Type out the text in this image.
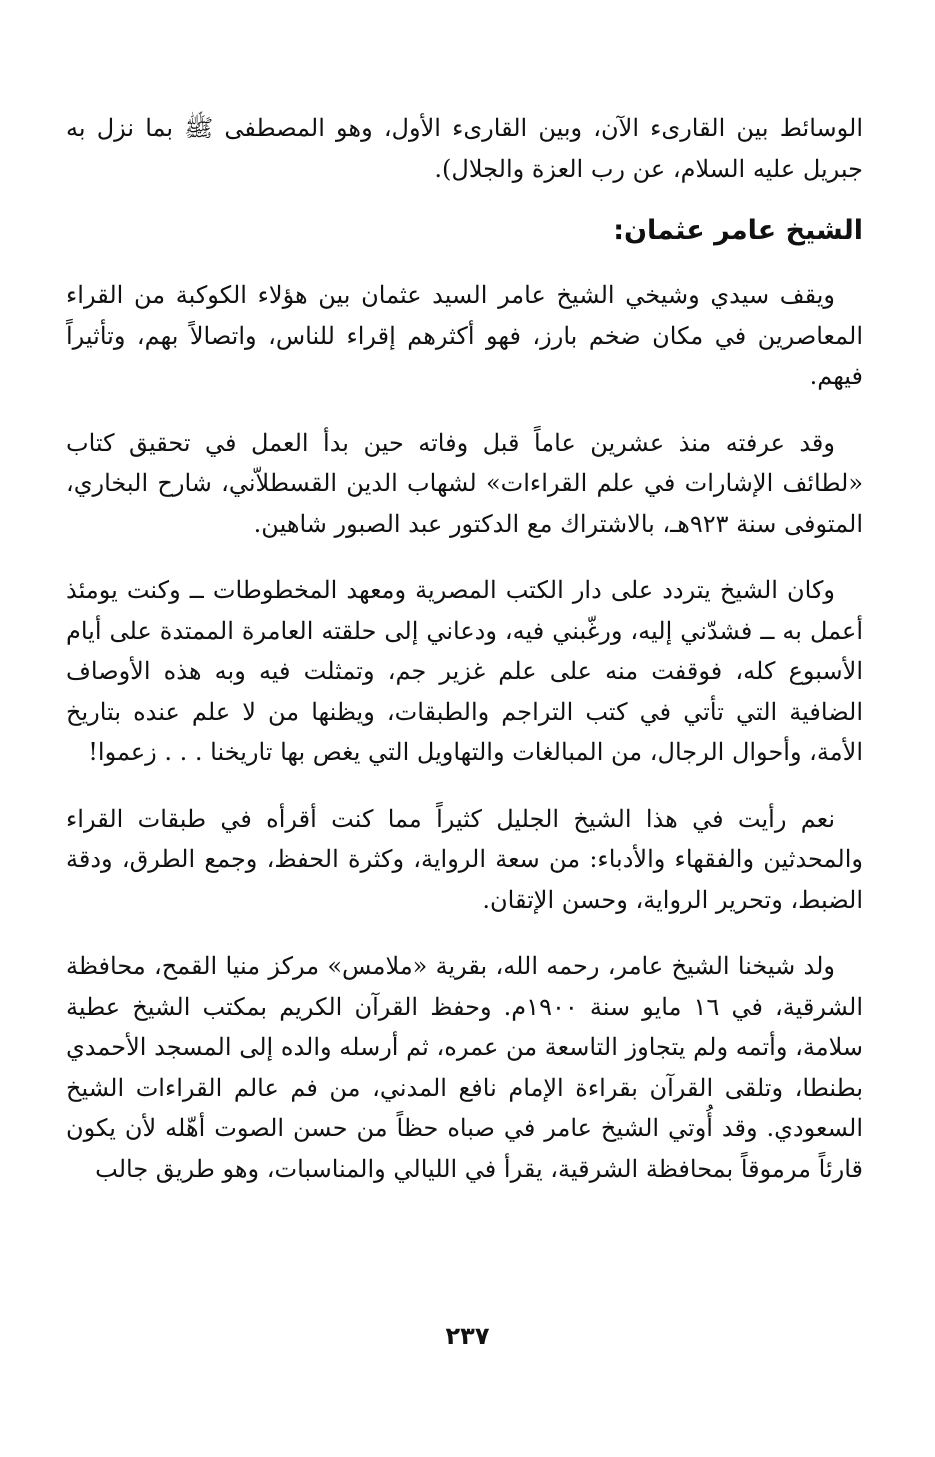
الوسائط بين القارىء الآن، وبين القارىء الأول، وهو المصطفى ﷺ بما نزل به جبريل عليه السلام، عن رب العزة والجلال).

الشيخ عامر عثمان:

ويقف سيدي وشيخي الشيخ عامر السيد عثمان بين هؤلاء الكوكبة من القراء المعاصرين في مكان ضخم بارز، فهو أكثرهم إقراء للناس، واتصالاً بهم، وتأثيراً فيهم.

وقد عرفته منذ عشرين عاماً قبل وفاته حين بدأ العمل في تحقيق كتاب «لطائف الإشارات في علم القراءات» لشهاب الدين القسطلاّني، شارح البخاري، المتوفى سنة ٩٢٣هـ، بالاشتراك مع الدكتور عبد الصبور شاهين.

وكان الشيخ يتردد على دار الكتب المصرية ومعهد المخطوطات ــ وكنت يومئذ أعمل به ــ فشدّني إليه، ورغّبني فيه، ودعاني إلى حلقته العامرة الممتدة على أيام الأسبوع كله، فوقفت منه على علم غزير جم، وتمثلت فيه وبه هذه الأوصاف الضافية التي تأتي في كتب التراجم والطبقات، ويظنها من لا علم عنده بتاريخ الأمة، وأحوال الرجال، من المبالغات والتهاويل التي يغص بها تاريخنا . . . زعموا!

نعم رأيت في هذا الشيخ الجليل كثيراً مما كنت أقرأه في طبقات القراء والمحدثين والفقهاء والأدباء: من سعة الرواية، وكثرة الحفظ، وجمع الطرق، ودقة الضبط، وتحرير الرواية، وحسن الإتقان.

ولد شيخنا الشيخ عامر، رحمه الله، بقرية «ملامس» مركز منيا القمح، محافظة الشرقية، في ١٦ مايو سنة ١٩٠٠م. وحفظ القرآن الكريم بمكتب الشيخ عطية سلامة، وأتمه ولم يتجاوز التاسعة من عمره، ثم أرسله والده إلى المسجد الأحمدي بطنطا، وتلقى القرآن بقراءة الإمام نافع المدني، من فم عالم القراءات الشيخ السعودي. وقد أُوتي الشيخ عامر في صباه حظاً من حسن الصوت أهّله لأن يكون قارئاً مرموقاً بمحافظة الشرقية، يقرأ في الليالي والمناسبات، وهو طريق جالب

٢٣٧
